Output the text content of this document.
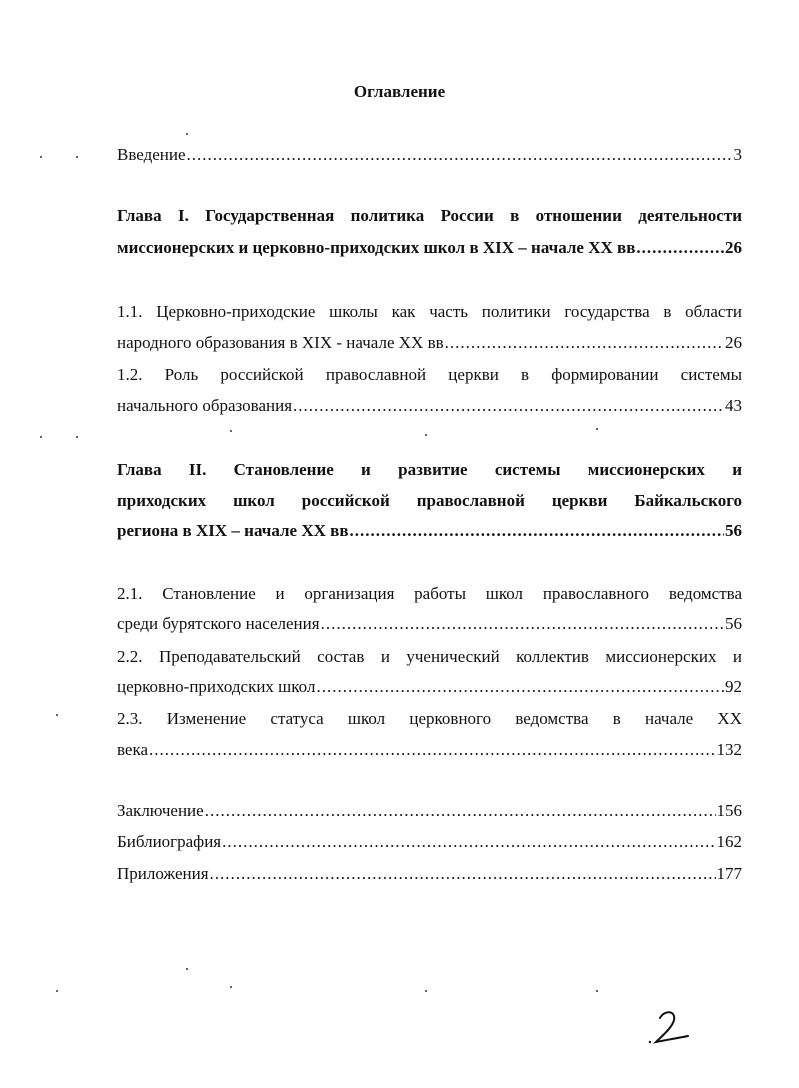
Оглавление
Введение .....	3
Глава I. Государственная политика России в отношении деятельности
миссионерских и церковно-приходских школ в XIX – начале XX вв .....	26
1.1. Церковно-приходские школы как часть политики государства в области
народного образования в XIX - начале XX вв .....	26
1.2. Роль российской православной церкви в формировании системы
начального образования .....	43
Глава II. Становление и развитие системы миссионерских и
приходских школ российской православной церкви Байкальского
региона в XIX – начале XX вв .....	56
2.1. Становление и организация работы школ православного ведомства
среди бурятского населения .....	56
2.2. Преподавательский состав и ученический коллектив миссионерских и
церковно-приходских школ .....	92
2.3. Изменение статуса школ церковного ведомства в начале XX
века .....	132
Заключение .....	156
Библиография .....	162
Приложения .....	177
